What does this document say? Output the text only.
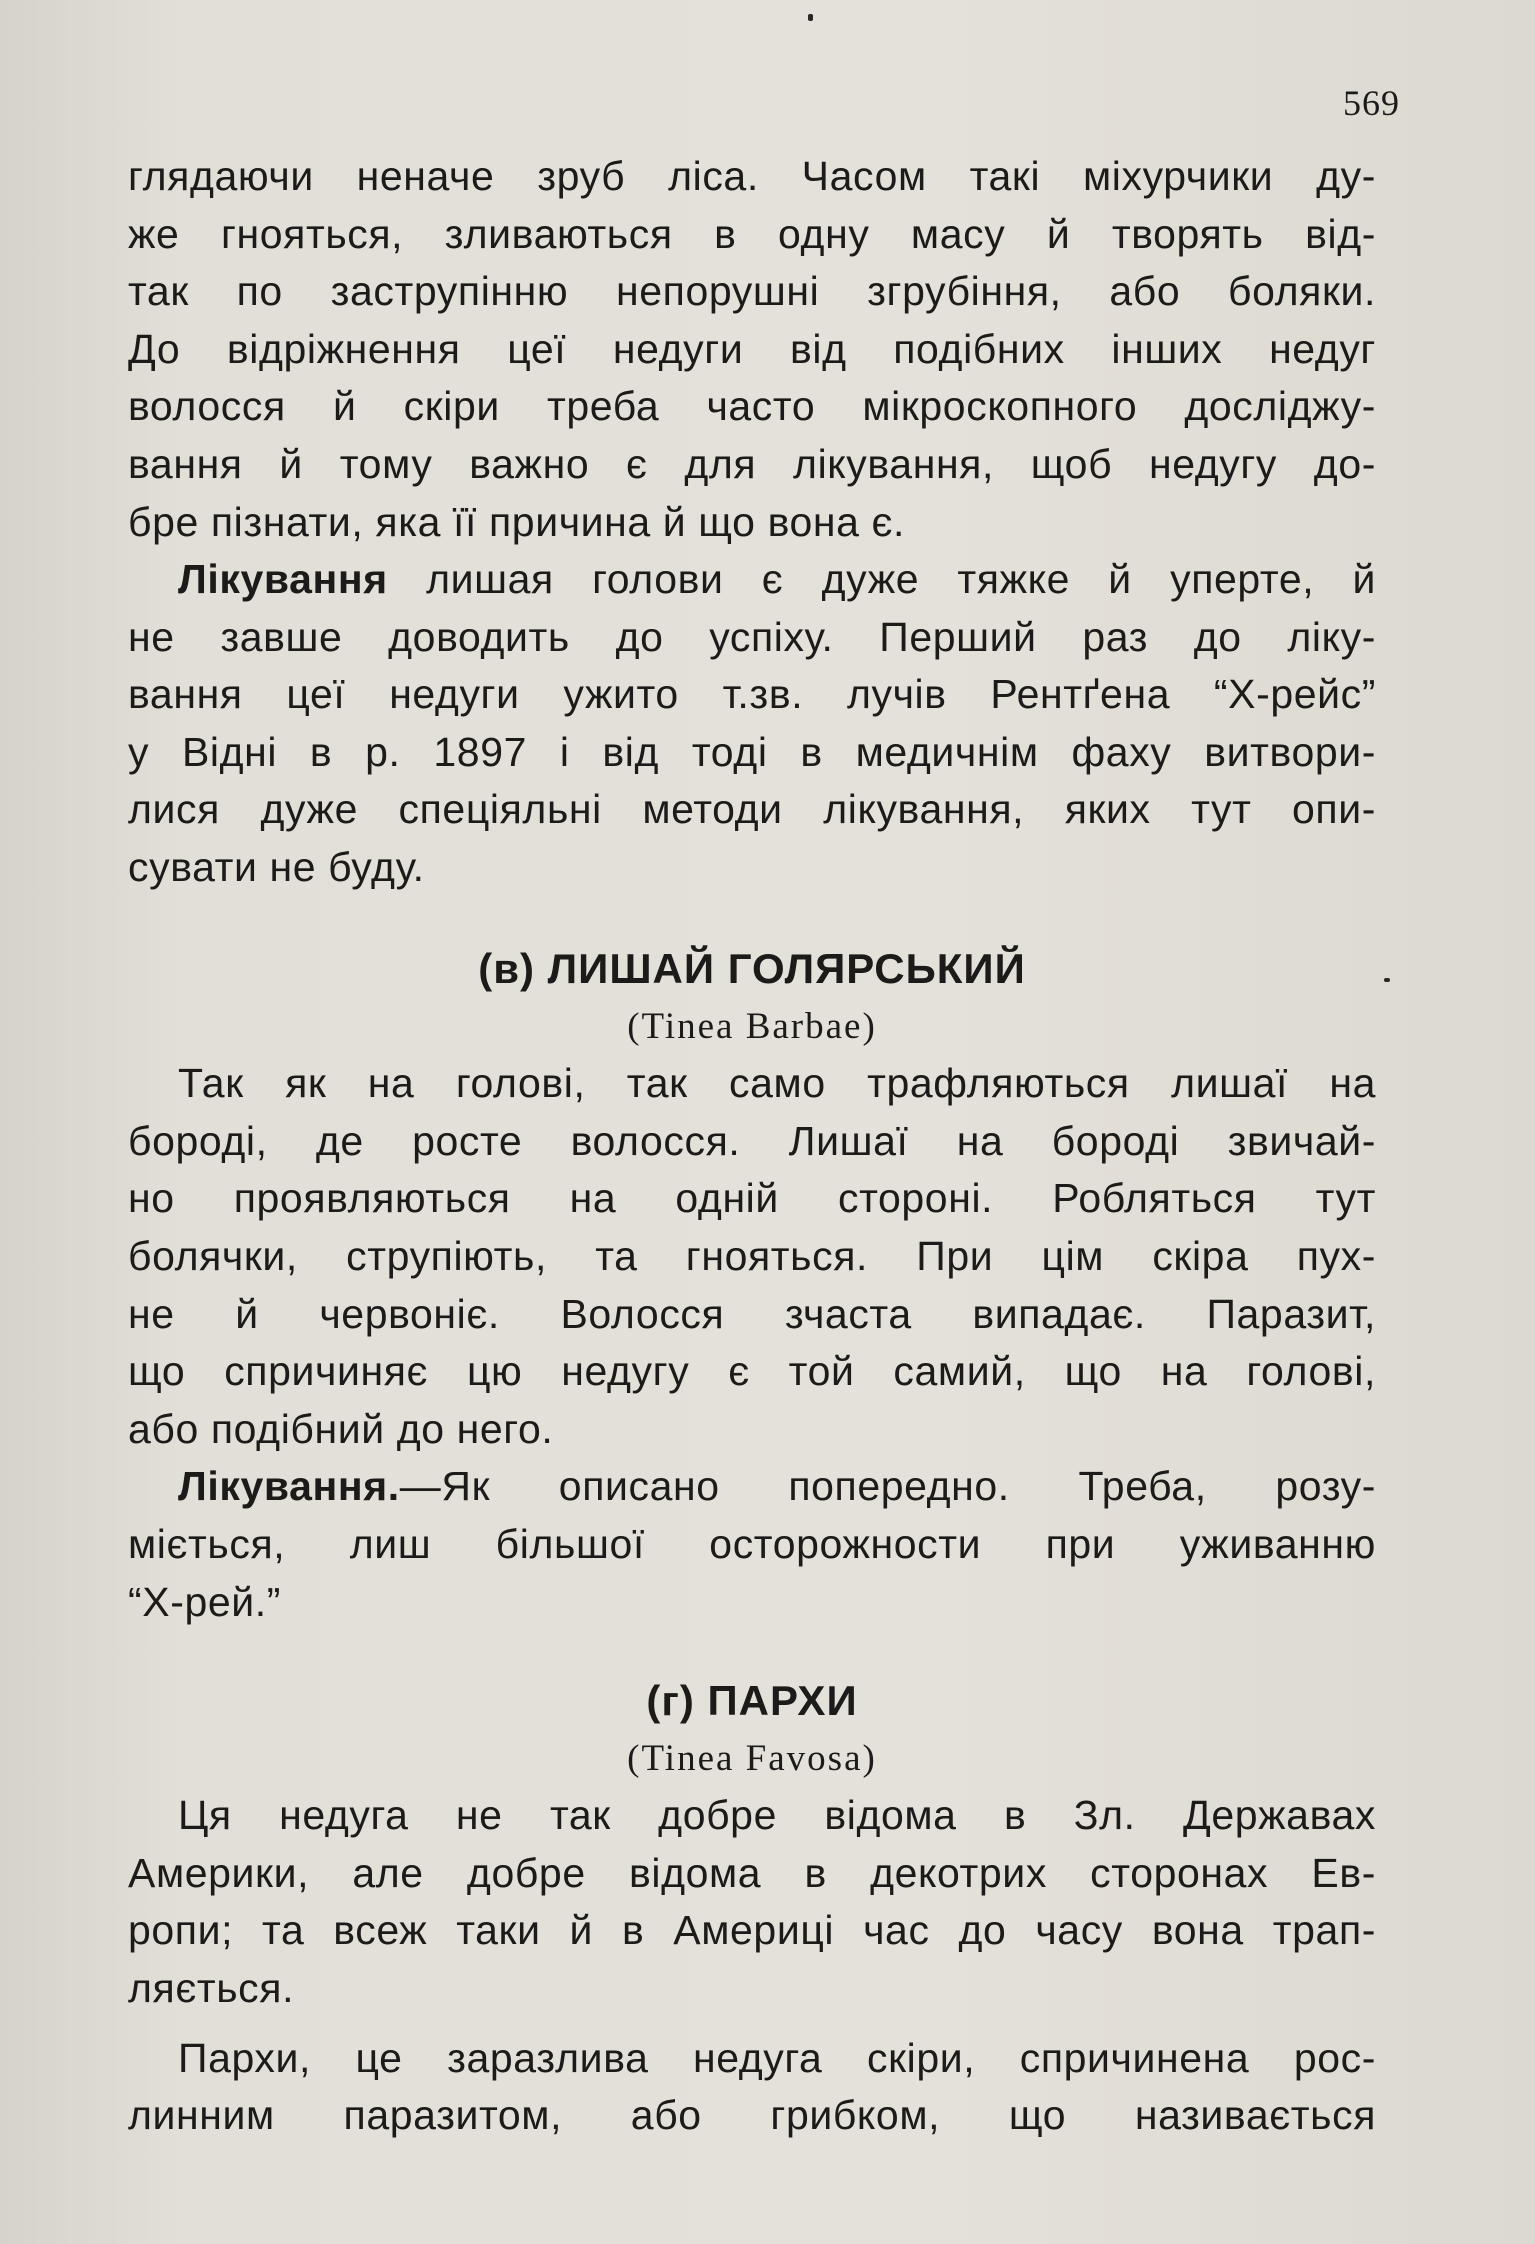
569
глядаючи неначе зруб ліса. Часом такі міхурчики ду-
же гнояться, зливаються в одну масу й творять від-
так по заструпінню непорушні згрубіння, або боляки.
До відріжнення цеї недуги від подібних інших недуг
волосся й скіри треба часто мікроскопного досліджу-
вання й тому важно є для лікування, щоб недугу до-
бре пізнати, яка її причина й що вона є.
Лікування лишая голови є дуже тяжке й уперте, й
не завше доводить до успіху. Перший раз до ліку-
вання цеї недуги ужито т.зв. лучів Рентґена “Х-рейс”
у Відні в р. 1897 і від тоді в медичнім фаху витвори-
лися дуже спеціяльні методи лікування, яких тут опи-
сувати не буду.
(в) ЛИШАЙ ГОЛЯРСЬКИЙ
(Tinea Barbae)
Так як на голові, так само трафляються лишаї на
бороді, де росте волосся. Лишаї на бороді звичай-
но проявляються на одній стороні. Робляться тут
болячки, струпіють, та гнояться. При цім скіра пух-
не й червоніє. Волосся зчаста випадає. Паразит,
що спричиняє цю недугу є той самий, що на голові,
або подібний до него.
Лікування.—Як описано попередно. Треба, розу-
міється, лиш більшої осторожности при уживанню
“Х-рей.”
(г) ПАРХИ
(Tinea Favosa)
Ця недуга не так добре відома в Зл. Державах
Америки, але добре відома в декотрих сторонах Ев-
ропи; та всеж таки й в Америці час до часу вона трап-
ляється.
Пархи, це заразлива недуга скіри, спричинена рос-
линним паразитом, або грибком, що називається
